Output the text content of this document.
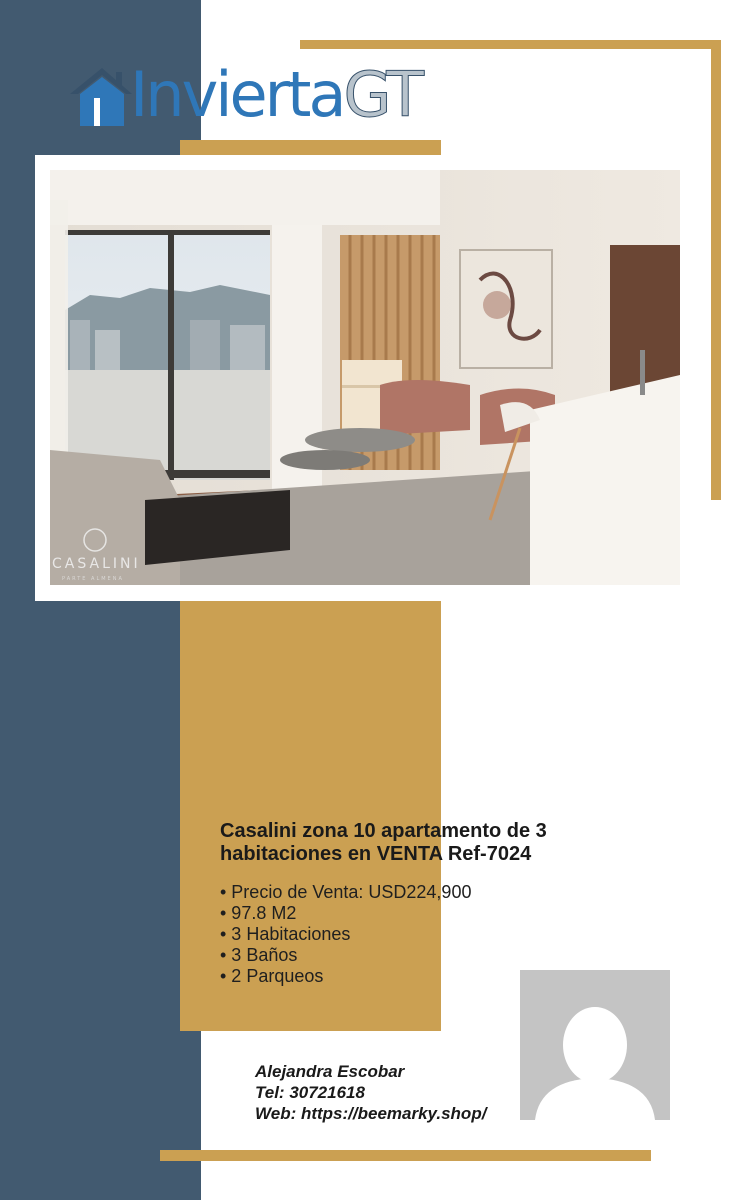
InviertaGT
CASALINI
PARTE ALMENA
Casalini zona 10 apartamento de 3 habitaciones en VENTA Ref-7024
• Precio de Venta: USD224,900
• 97.8 M2
• 3 Habitaciones
• 3 Baños
• 2 Parqueos
Alejandra Escobar
Tel: 30721618
Web: https://beemarky.shop/
